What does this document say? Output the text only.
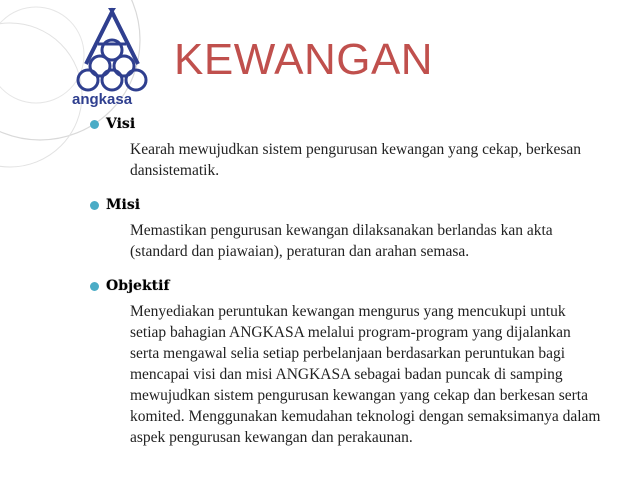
angkasa
KEWANGAN
Visi
Kearah mewujudkan sistem pengurusan kewangan yang cekap, berkesan
dansistematik.
Misi
Memastikan pengurusan kewangan dilaksanakan berlandas kan akta
(standard dan piawaian), peraturan dan arahan semasa.
Objektif
Menyediakan peruntukan kewangan mengurus yang mencukupi untuk
setiap bahagian ANGKASA melalui program-program yang dijalankan
serta mengawal selia setiap perbelanjaan berdasarkan peruntukan bagi
mencapai visi dan misi ANGKASA sebagai badan puncak di samping
mewujudkan sistem pengurusan kewangan yang cekap dan berkesan serta
komited. Menggunakan kemudahan teknologi dengan semaksimanya dalam
aspek pengurusan kewangan dan perakaunan.
